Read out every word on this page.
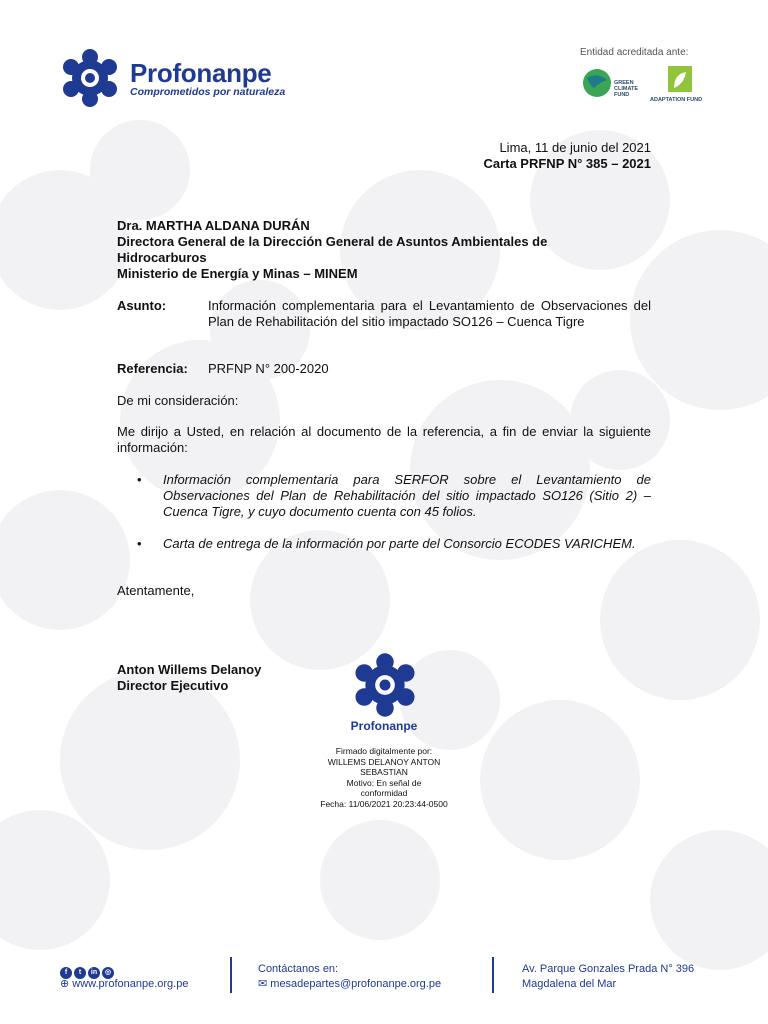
Profonanpe
Comprometidos por naturaleza
Entidad acreditada ante:
GREEN CLIMATE FUND
ADAPTATION FUND
Lima, 11 de junio del 2021
Carta PRFNP N° 385 – 2021
Dra. MARTHA ALDANA DURÁN
Directora General de la Dirección General de Asuntos Ambientales de Hidrocarburos
Ministerio de Energía y Minas – MINEM
Asunto:	Información complementaria para el Levantamiento de Observaciones del Plan de Rehabilitación del sitio impactado SO126 – Cuenca Tigre
Referencia: PRFNP N° 200-2020
De mi consideración:
Me dirijo a Usted, en relación al documento de la referencia, a fin de enviar la siguiente información:
• Información complementaria para SERFOR sobre el Levantamiento de Observaciones del Plan de Rehabilitación del sitio impactado SO126 (Sitio 2) – Cuenca Tigre, y cuyo documento cuenta con 45 folios.
• Carta de entrega de la información por parte del Consorcio ECODES VARICHEM.
Atentamente,
Anton Willems Delanoy
Director Ejecutivo
Profonanpe
Firmado digitalmente por:
WILLEMS DELANOY ANTON
SEBASTIAN
Motivo: En señal de
conformidad
Fecha: 11/06/2021 20:23:44-0500
f t in ◎
⊕ www.profonanpe.org.pe
Contáctanos en:
✉ mesadepartes@profonanpe.org.pe
Av. Parque Gonzales Prada N° 396
Magdalena del Mar
